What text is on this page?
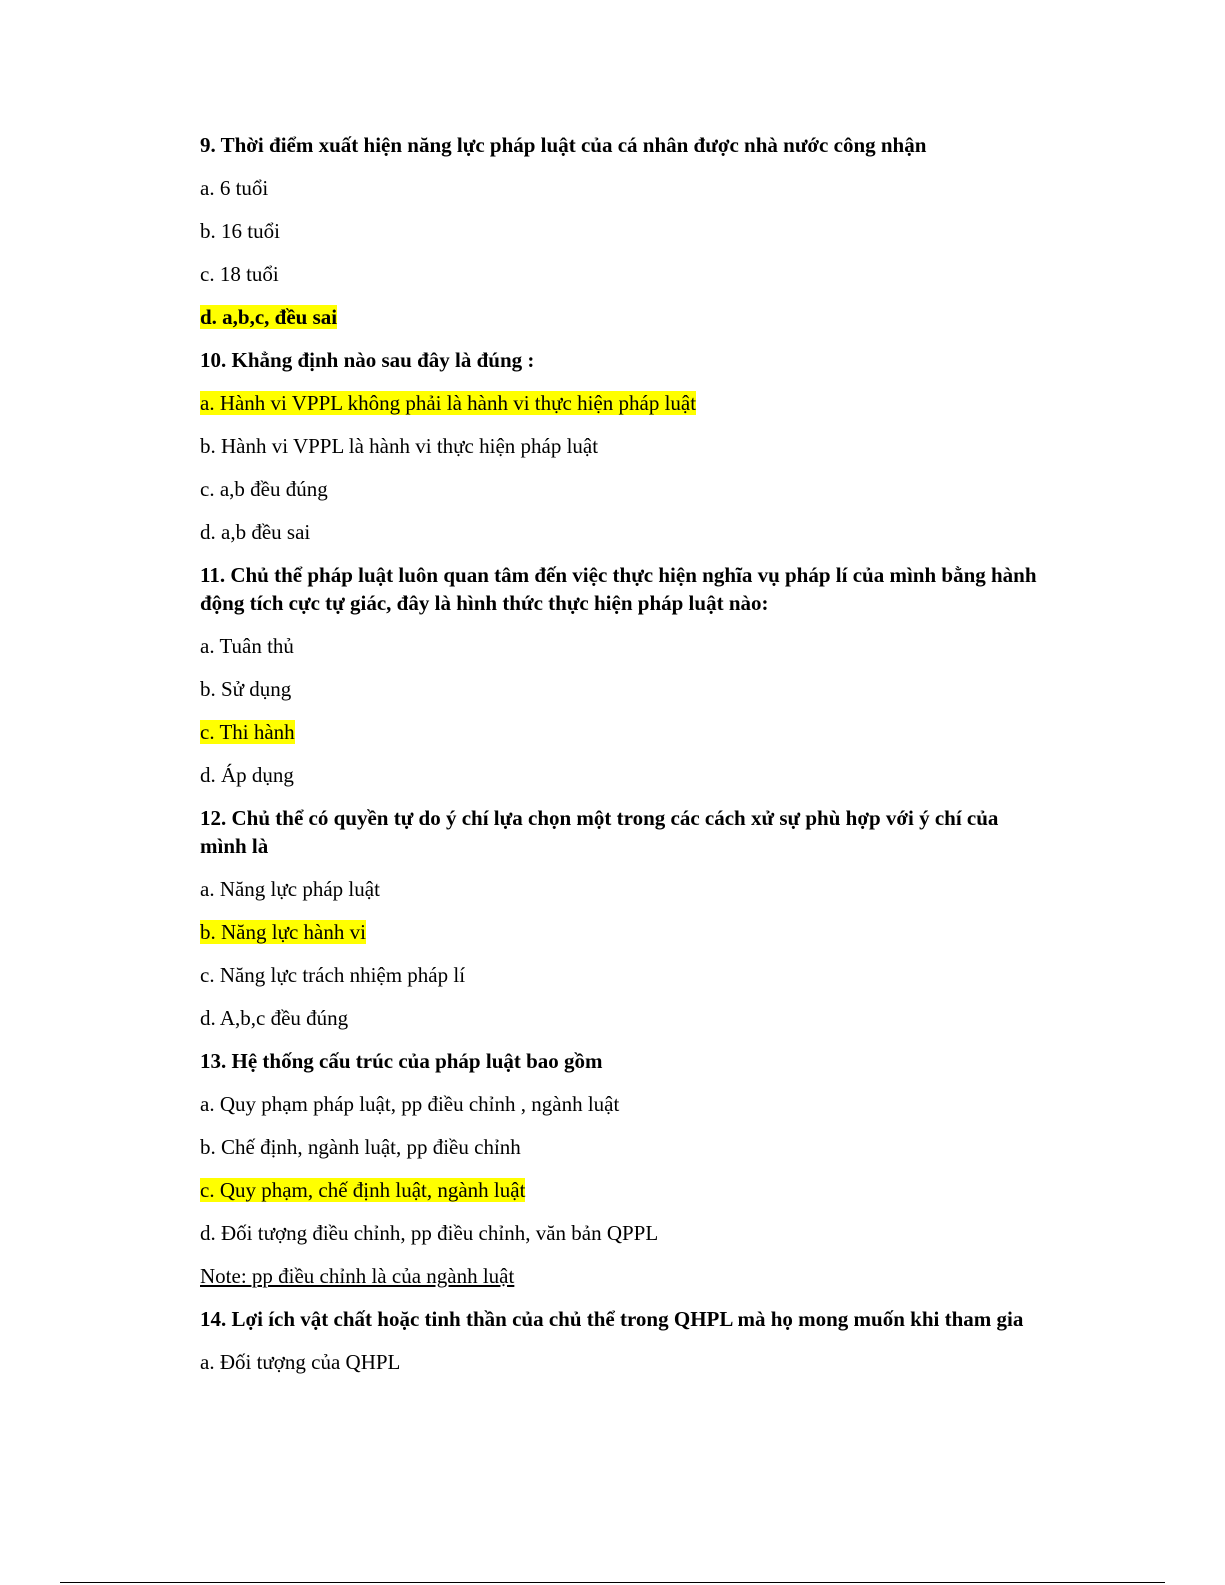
9. Thời điểm xuất hiện năng lực pháp luật của cá nhân được nhà nước công nhận
a. 6 tuổi
b. 16 tuổi
c. 18 tuổi
d. a,b,c, đều sai
10. Khẳng định nào sau đây là đúng :
a. Hành vi VPPL không phải là hành vi thực hiện pháp luật
b. Hành vi VPPL là hành vi thực hiện pháp luật
c. a,b đều đúng
d. a,b đều sai
11. Chủ thể pháp luật luôn quan tâm đến việc thực hiện nghĩa vụ pháp lí của mình bằng hành động tích cực tự giác, đây là hình thức thực hiện pháp luật nào:
a. Tuân thủ
b. Sử dụng
c. Thi hành
d. Áp dụng
12. Chủ thể có quyền tự do ý chí lựa chọn một trong các cách xử sự phù hợp với ý chí của mình là
a. Năng lực pháp luật
b. Năng lực hành vi
c. Năng lực trách nhiệm pháp lí
d. A,b,c đều đúng
13. Hệ thống cấu trúc của pháp luật bao gồm
a. Quy phạm pháp luật, pp điều chỉnh , ngành luật
b. Chế định, ngành luật, pp điều chỉnh
c. Quy phạm, chế định luật, ngành luật
d. Đối tượng điều chỉnh, pp điều chỉnh, văn bản QPPL
Note: pp điều chỉnh là của ngành luật
14. Lợi ích vật chất hoặc tinh thần của chủ thể trong QHPL mà họ mong muốn khi tham gia
a. Đối tượng của QHPL
